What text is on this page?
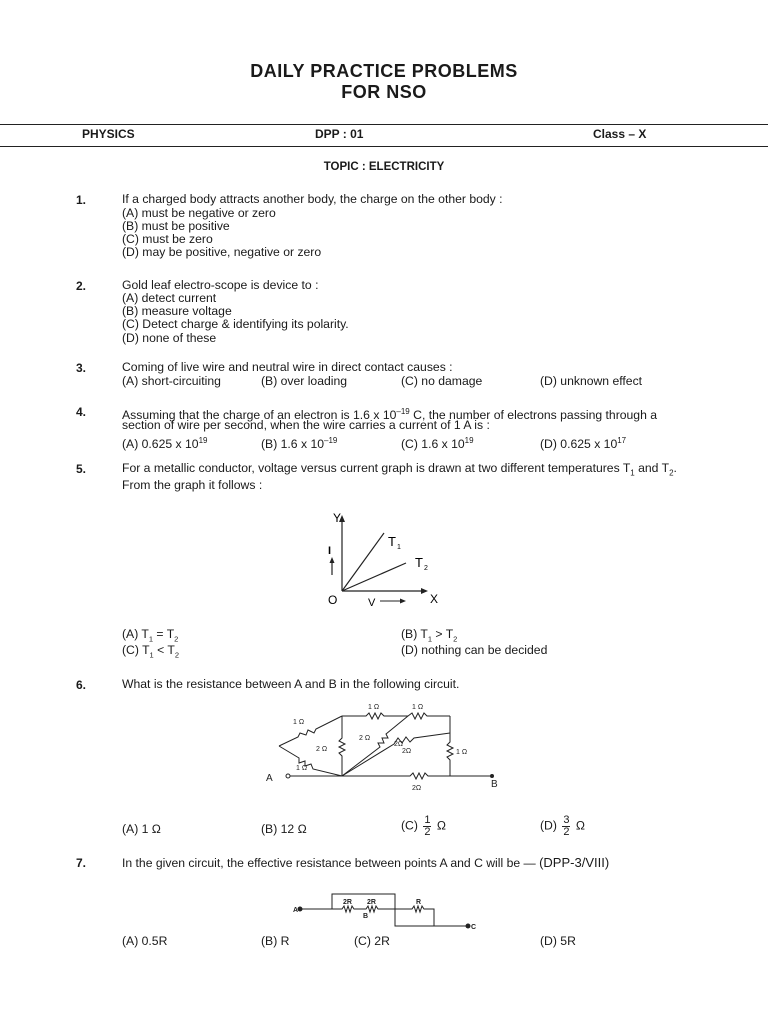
DAILY PRACTICE PROBLEMS
FOR NSO
PHYSICS	DPP : 01	Class – X
TOPIC : ELECTRICITY
1.	If a charged body attracts another body, the charge on the other body :
(A) must be negative or zero
(B) must be positive
(C) must be zero
(D) may be positive, negative or zero
2.	Gold leaf electro-scope is device to :
(A) detect current
(B) measure voltage
(C) Detect charge & identifying its polarity.
(D) none of these
3.	Coming of live wire and neutral wire in direct contact causes :
(A) short-circuiting	(B) over loading	(C) no damage	(D) unknown effect
4.	Assuming that the charge of an electron is 1.6 x $10^{-19}$ C, the number of electrons passing through a
section of wire per second, when the wire carries a current of 1 A is :
(A) 0.625 x $10^{19}$	(B) 1.6 x $10^{-19}$	(C) 1.6 x $10^{19}$	(D) 0.625 x $10^{17}$
5.	For a metallic conductor, voltage versus current graph is drawn at two different temperatures $T_1$ and $T_2$.
From the graph it follows :
Y
X
O
I
V
T 1
T 2
(A) $T_1 = T_2$	(B) $T_1 > T_2$
(C) $T_1 < T_2$	(D) nothing can be decided
6.	What is the resistance between A and B in the following circuit.
A
B
1 Ω	1 Ω
1 Ω
2 Ω
2 Ω
2Ω	1 Ω
1 Ω
2Ω
2Ω
(A) 1 Ω	(B) 12 Ω	$(C) \frac{1}{2}$ Ω	$(D) \frac{3}{2}$ Ω
7.	In the given circuit, the effective resistance between points A and C will be — (DPP-3/VIII)
A
B
C
2R 2R	R
(A) 0.5R	(B) R	(C) 2R	(D) 5R
